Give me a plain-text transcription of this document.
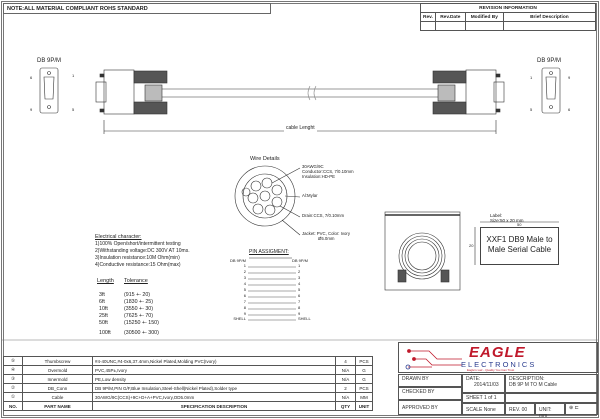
NOTE:ALL MATERIAL COMPLIANT ROHS STANDARD	REVISION INFORMATION			
Rev.	Rev.Date	Modified By	Brief Description

DB 9P/M	DB 9P/M
6	1
9	5
1	9
5	6
cable Lenght
Wire Details
30AWG/9C
Conductor:CCS, 7/0.10mm
Insulation:HD-PE
Al:Mylar
Drain:CCS, 7/0.10mm
Jacket: PVC, Color: Ivory
Ø5.0mm
Electrical character:
1)100% Open/short/intermittent testing
2)Withstanding voltage:DC 300V AT 10ms.
3)Insulation resistance:10M Ohm(min)
4)Conductive resistance:15 Ohm(max)
Length Tolerance
3ft	(915 +- 20)
6ft	(1830 +- 25)
10ft	(3550 +- 30)
25ft	(7625 +- 70)
50ft	(15250 +- 150)
100ft (30500 +- 300)
PIN ASSIGMENT:
DB 9P/M	DB 9P/M
1	1
2	2
3	3
4	4
5	5
6	6
7	7
8	8
9	9
SHELL	SHELL
Label:
Size:50 x 20 mm
50
20
XXF1 DB9 Male to Male Serial Cable
⑤	Thumbscrew	#4-40UNC,#4-0x6,37.4mm,Nickel Plated,Molding PVC(Ivory)	4	PCS
④	Overmold	PVC,45P±,Ivory	N/A	G
③	Innermold	PE,Low density	N/A	G
②	DB_Conn	DB 9P/M,PIN G/F,Blue Insulation,Steel-Shell(Nickel Plated),Solder type	2	PCS
①	Cable	30AWG/9C(CCS)+9C+D+A+PVC,Ivory,OD5.0mm	N/A	MM
NO.	PART NAME	SPECIFICATION DESCRIPTION	QTY	UNIT
EAGLE
ELECTRONICS
Eagle's Lair - Quality You Can Trust
DRAWN BY
CHECKED BY
APPROVED BY
DATE:
2014/11/03
SHEET 1 of 1
SCALE None
DESCRIPTION:
DB 9P M TO M Cable
REV. 00	UNIT: mm
⊕ ⊏
